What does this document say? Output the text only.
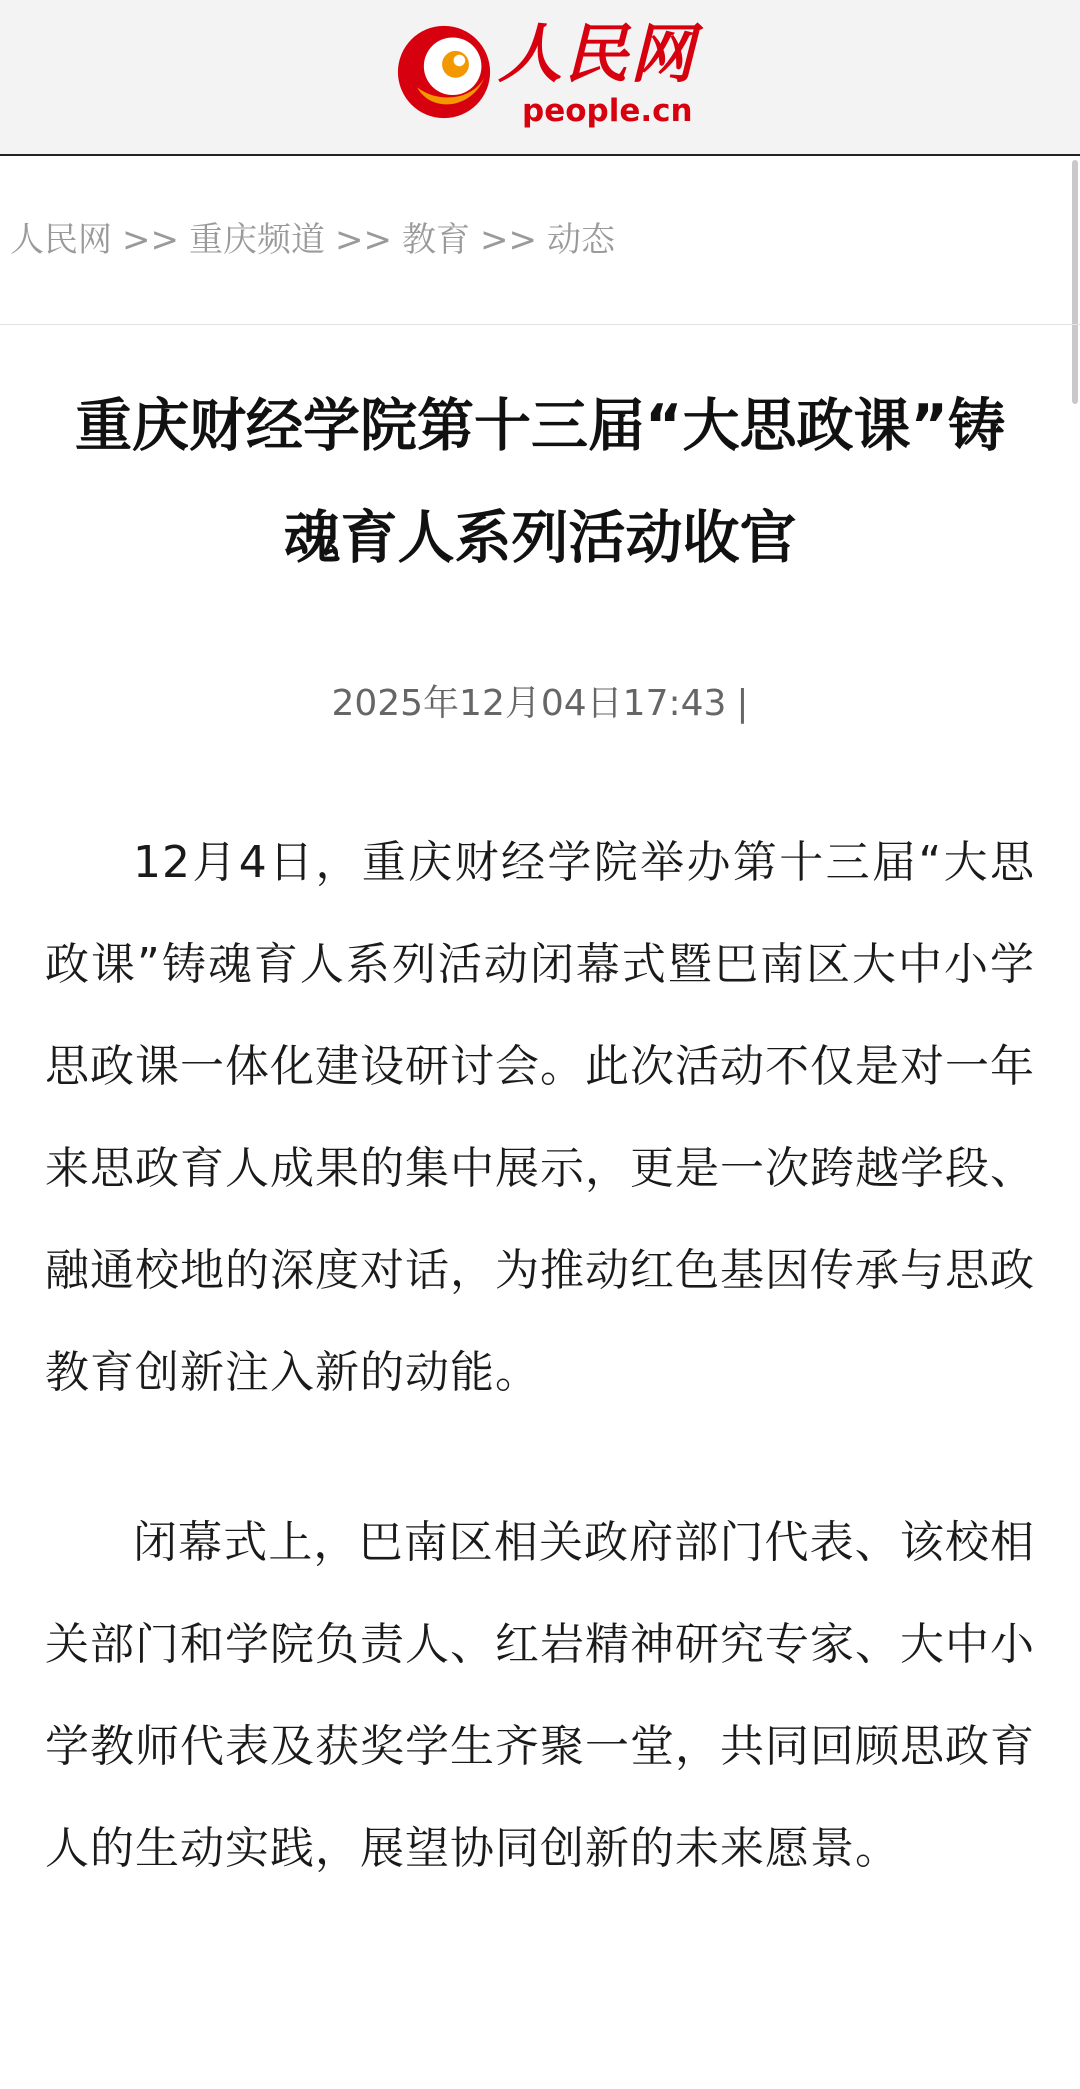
人民网
people.cn
人民网 >> 重庆频道 >> 教育 >> 动态
重庆财经学院第十三届“大思政课”铸魂育人系列活动收官
2025年12月04日17:43 |

12月4日，重庆财经学院举办第十三届“大思政课”铸魂育人系列活动闭幕式暨巴南区大中小学思政课一体化建设研讨会。此次活动不仅是对一年来思政育人成果的集中展示，更是一次跨越学段、融通校地的深度对话，为推动红色基因传承与思政教育创新注入新的动能。

闭幕式上，巴南区相关政府部门代表、该校相关部门和学院负责人、红岩精神研究专家、大中小学教师代表及获奖学生齐聚一堂，共同回顾思政育人的生动实践，展望协同创新的未来愿景。
